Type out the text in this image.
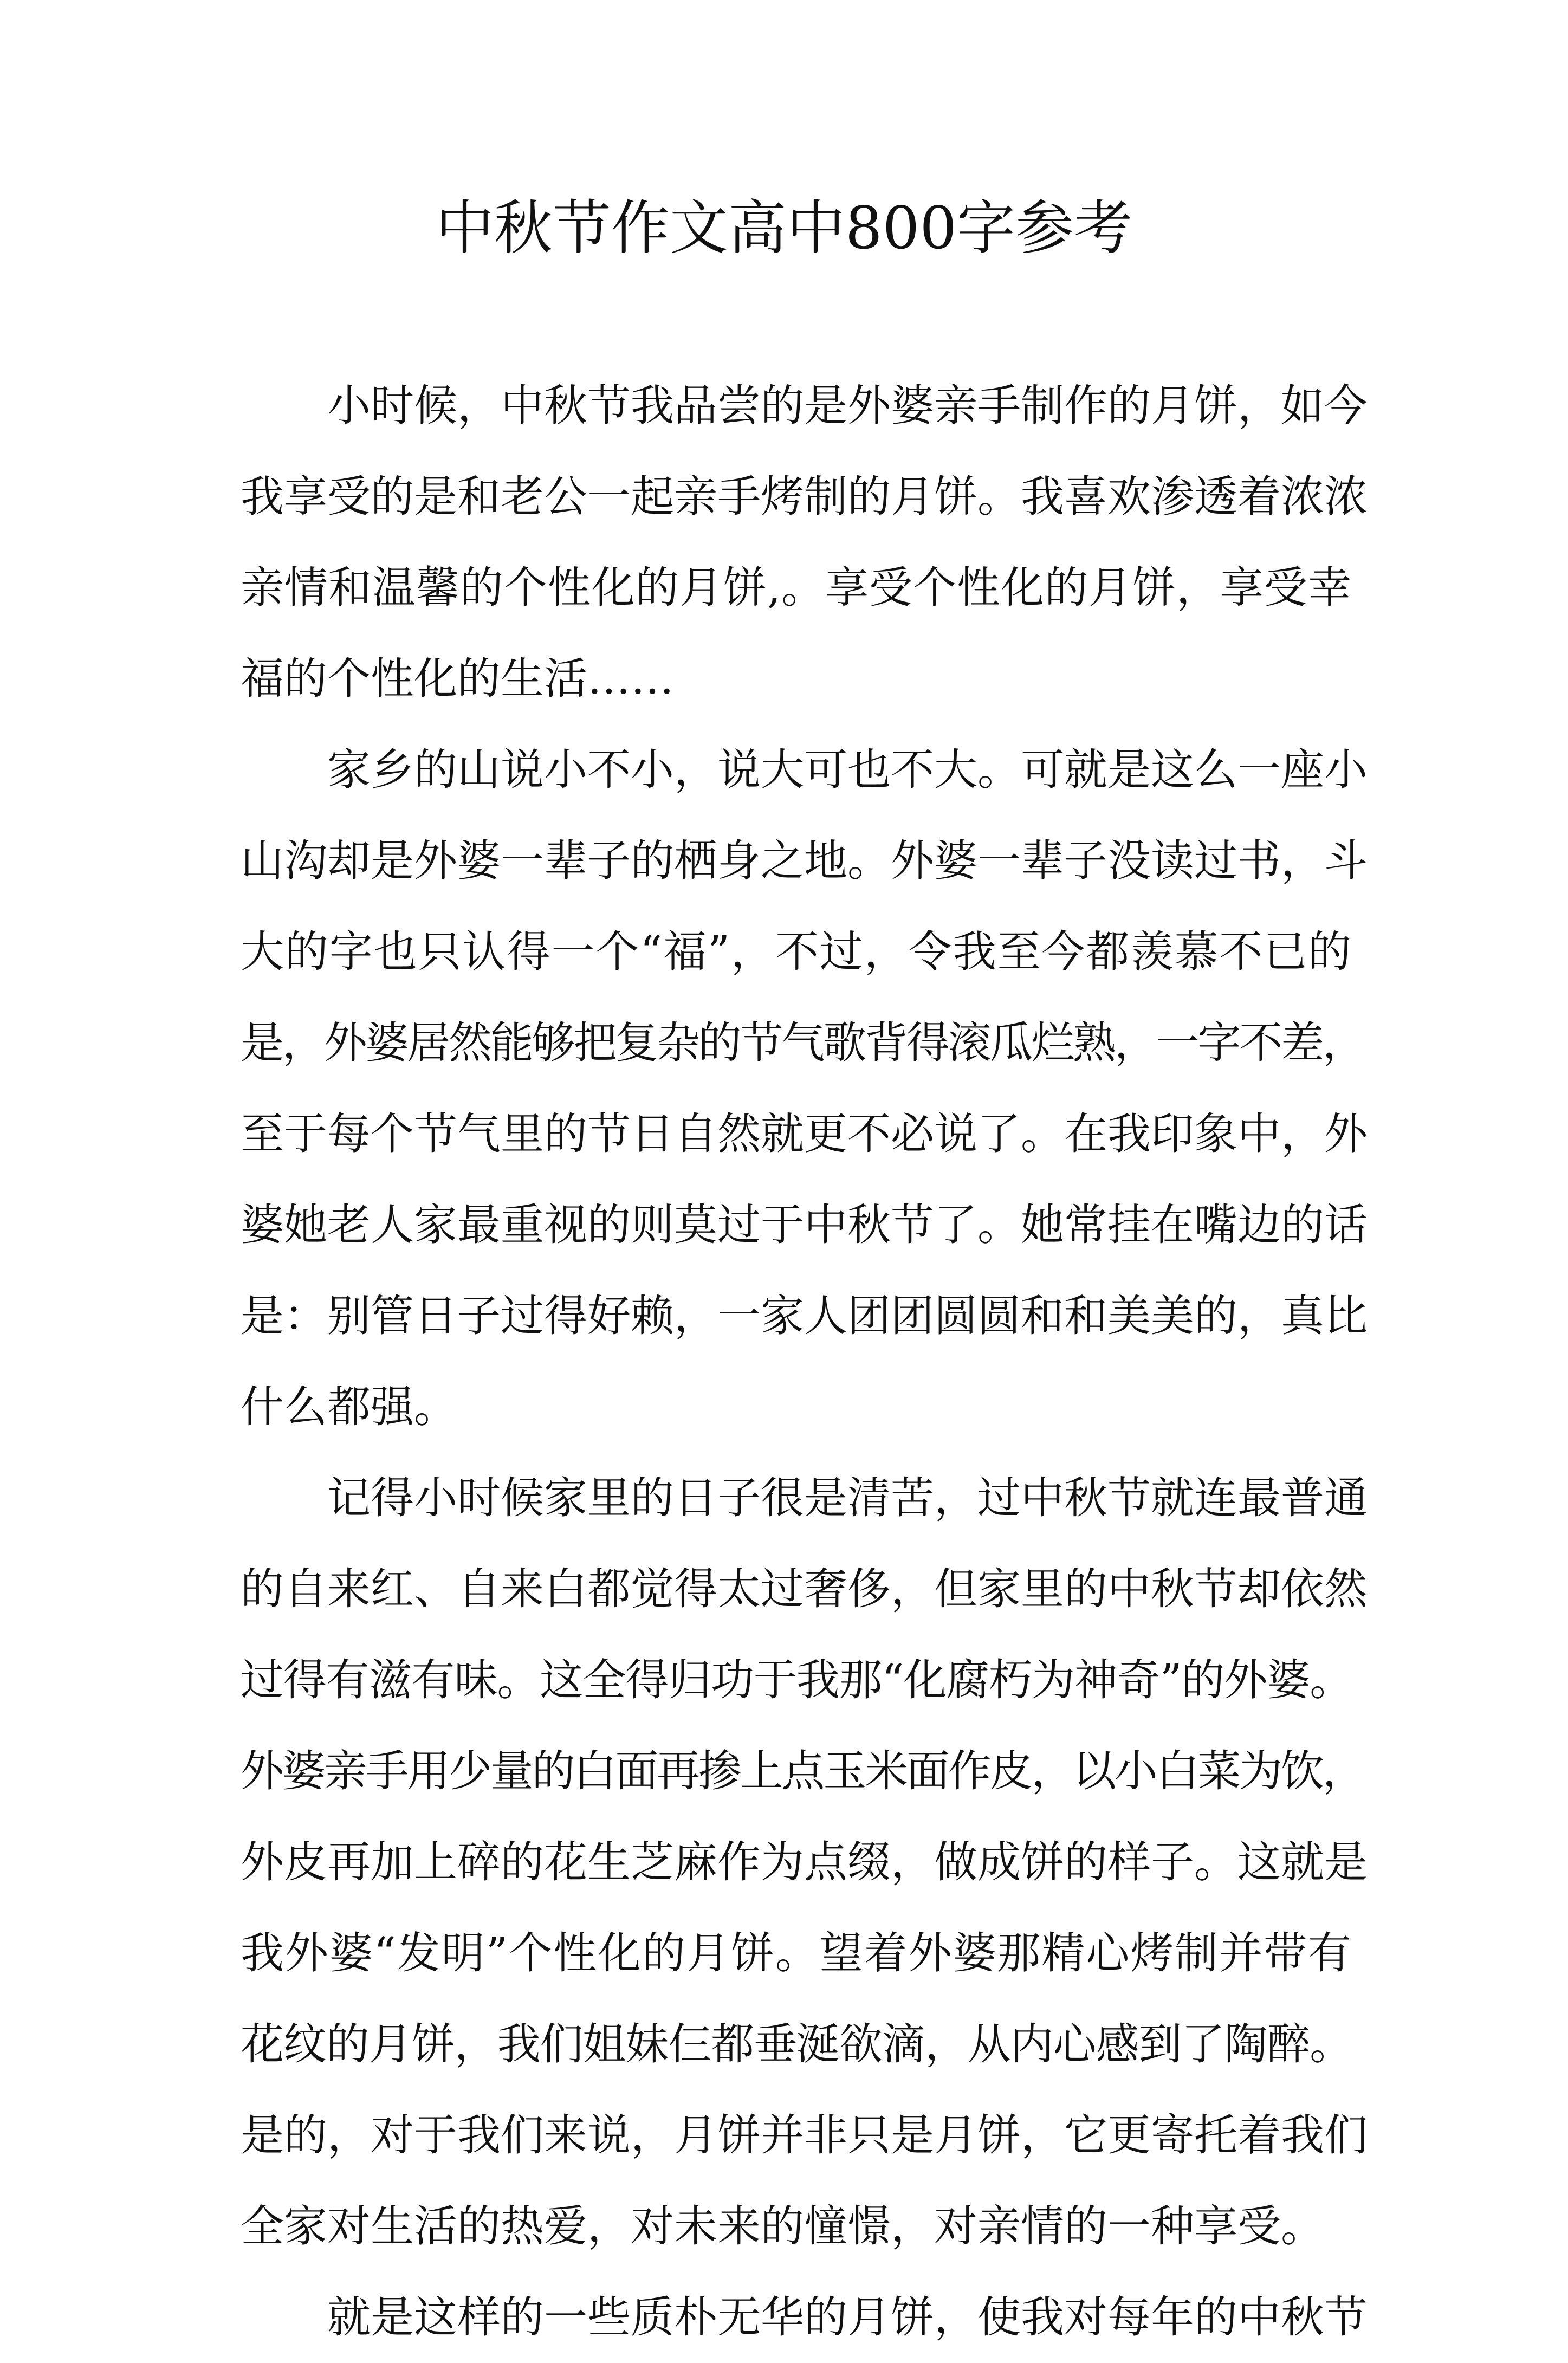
中秋节作文高中800字参考
小时候，中秋节我品尝的是外婆亲手制作的月饼，如今
我享受的是和老公一起亲手烤制的月饼。我喜欢渗透着浓浓
亲情和温馨的个性化的月饼,。享受个性化的月饼，享受幸
福的个性化的生活……
家乡的山说小不小，说大可也不大。可就是这么一座小
山沟却是外婆一辈子的栖身之地。外婆一辈子没读过书，斗
大的字也只认得一个“福”，不过，令我至今都羡慕不已的
是，外婆居然能够把复杂的节气歌背得滚瓜烂熟，一字不差，
至于每个节气里的节日自然就更不必说了。在我印象中，外
婆她老人家最重视的则莫过于中秋节了。她常挂在嘴边的话
是：别管日子过得好赖，一家人团团圆圆和和美美的，真比
什么都强。
记得小时候家里的日子很是清苦，过中秋节就连最普通
的自来红、自来白都觉得太过奢侈，但家里的中秋节却依然
过得有滋有味。这全得归功于我那“化腐朽为神奇”的外婆。
外婆亲手用少量的白面再掺上点玉米面作皮，以小白菜为饮，
外皮再加上碎的花生芝麻作为点缀，做成饼的样子。这就是
我外婆“发明”个性化的月饼。望着外婆那精心烤制并带有
花纹的月饼，我们姐妹仨都垂涎欲滴，从内心感到了陶醉。
是的，对于我们来说，月饼并非只是月饼，它更寄托着我们
全家对生活的热爱，对未来的憧憬，对亲情的一种享受。
就是这样的一些质朴无华的月饼，使我对每年的中秋节
